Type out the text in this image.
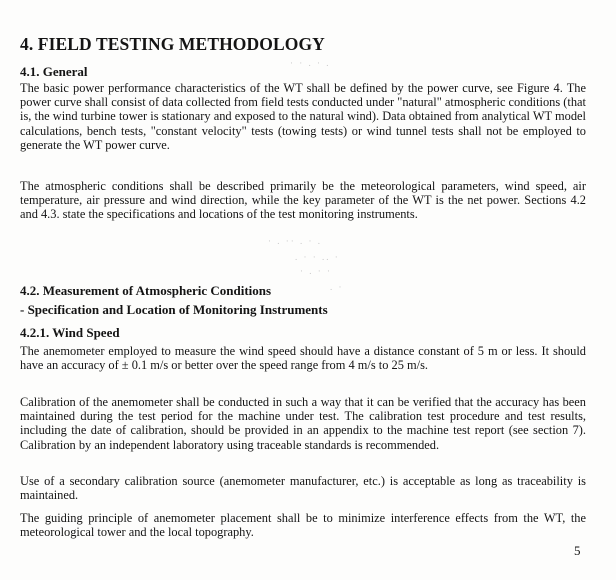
· · . · .
· . ·· . · .
. · · .. ·
· . · ·
. ·
4. FIELD TESTING METHODOLOGY
4.1. General

The basic power performance characteristics of the WT shall be defined by the power curve, see Figure 4. The power curve shall consist of data collected from field tests conducted under "natural" atmospheric conditions (that is, the wind turbine tower is stationary and exposed to the natural wind). Data obtained from analytical WT model calculations, bench tests, "constant velocity" tests (towing tests) or wind tunnel tests shall not be employed to generate the WT power curve.

The atmospheric conditions shall be described primarily be the meteorological parameters, wind speed, air temperature, air pressure and wind direction, while the key parameter of the WT is the net power. Sections 4.2 and 4.3. state the specifications and locations of the test monitoring instruments.

4.2. Measurement of Atmospheric Conditions
- Specification and Location of Monitoring Instruments
4.2.1. Wind Speed

The anemometer employed to measure the wind speed should have a distance constant of 5 m or less. It should have an accuracy of ± 0.1 m/s or better over the speed range from 4 m/s to 25 m/s.

Calibration of the anemometer shall be conducted in such a way that it can be verified that the accuracy has been maintained during the test period for the machine under test. The calibration test procedure and test results, including the date of calibration, should be provided in an appendix to the machine test report (see section 7). Calibration by an independent laboratory using traceable standards is recommended.

Use of a secondary calibration source (anemometer manufacturer, etc.) is acceptable as long as traceability is maintained.

The guiding principle of anemometer placement shall be to minimize interference effects from the WT, the meteorological tower and the local topography.

5
